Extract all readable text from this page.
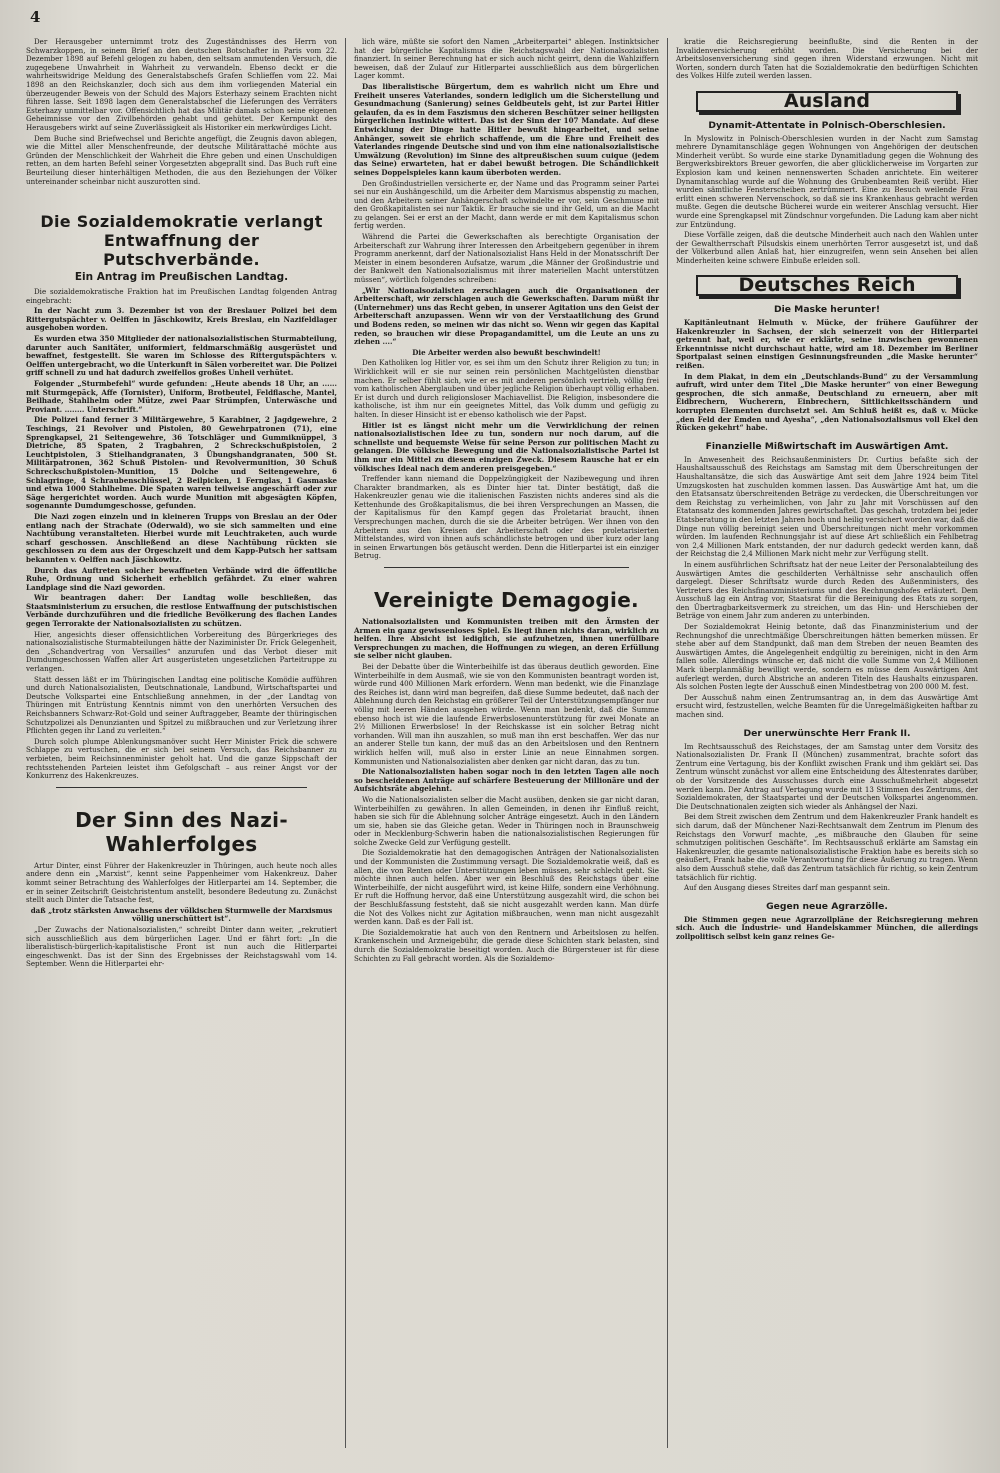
4

Der Herausgeber unternimmt trotz des Zugeständnisses des Herrn von Schwarzkoppen, in seinem Brief an den deutschen Botschafter in Paris vom 22. Dezember 1898 auf Befehl gelogen zu haben, den seltsam anmutenden Versuch, die zugegebene Unwahrheit in Wahrheit zu verwandeln. Ebenso deckt er die wahrheitswidrige Meldung des Generalstabschefs Grafen Schlieffen vom 22. Mai 1898 an den Reichskanzler, doch sich aus dem ihm vorliegenden Material ein überzeugender Beweis von der Schuld des Majors Esterhazy seinem Erachten nicht führen lasse. Seit 1898 lagen dem Generalstabschef die Lieferungen des Verräters Esterhazy unmittelbar vor. Offensichtlich hat das Militär damals schon seine eigenen Geheimnisse vor den Zivilbehörden gehabt und gehütet. Der Kernpunkt des Herausgebers wirkt auf seine Zuverlässigkeit als Historiker ein merkwürdiges Licht.

Dem Buche sind Briefwechsel und Berichte angefügt, die Zeugnis davon ablegen, wie die Mittel aller Menschenfreunde, der deutsche Militärattaché möchte aus Gründen der Menschlichkeit der Wahrheit die Ehre geben und einen Unschuldigen retten, an dem harten Befehl seiner Vorgesetzten abgeprallt sind. Das Buch ruft eine Beurteilung dieser hinterhältigen Methoden, die aus den Beziehungen der Völker untereinander scheinbar nicht auszurotten sind.

Die Sozialdemokratie verlangt Entwaffnung der Putschverbände.
Ein Antrag im Preußischen Landtag.

Die sozialdemokratische Fraktion hat im Preußischen Landtag folgenden Antrag eingebracht:

In der Nacht zum 3. Dezember ist von der Breslauer Polizei bei dem Rittergutspächter v. Oelffen in Jäschkowitz, Kreis Breslau, ein Nazifeldlager ausgehoben worden.

Es wurden etwa 350 Mitglieder der nationalsozialistischen Sturmabteilung, darunter auch Sanitäter, uniformiert, feldmarschmäßig ausgerüstet und bewaffnet, festgestellt. Sie waren im Schlosse des Rittergutspächters v. Oelffen untergebracht, wo die Unterkunft in Sälen vorbereitet war. Die Polizei griff schnell zu und hat dadurch zweifellos großes Unheil verhütet.

Folgender „Sturmbefehl“ wurde gefunden: „Heute abends 18 Uhr, an ...... mit Sturmgepäck, Affe (Tornister), Uniform, Brotbeutel, Feldflasche, Mantel, Beilhade, Stahlhelm oder Mütze, zwei Paar Strümpfen, Unterwäsche und Proviant. ........ Unterschrift.“

Die Polizei fand ferner 3 Militärgewehre, 5 Karabiner, 2 Jagdgewehre, 2 Teschings, 21 Revolver und Pistolen, 80 Gewehrpatronen (71), eine Sprengkapsel, 21 Seitengewehre, 36 Totschläger und Gummiknüppel, 3 Dietriche, 85 Spaten, 2 Tragbahren, 2 Schreckschußpistolen, 2 Leuchtpistolen, 3 Stielhandgranaten, 3 Übungshandgranaten, 500 St. Militärpatronen, 362 Schuß Pistolen- und Revolvermunition, 30 Schuß Schreckschußpistolen-Munition, 15 Dolche und Seitengewehre, 6 Schlagringe, 4 Schraubenschlüssel, 2 Beilpicken, 1 Fernglas, 1 Gasmaske und etwa 1000 Stahlhelme. Die Spaten waren teilweise angeschärft oder zur Säge hergerichtet worden. Auch wurde Munition mit abgesägten Köpfen, sogenannte Dumdumgeschosse, gefunden.

Die Nazi zogen einzeln und in kleineren Trupps von Breslau an der Oder entlang nach der Strachate (Oderwald), wo sie sich sammelten und eine Nachtübung veranstalteten. Hierbei wurde mit Leuchtraketen, auch wurde scharf geschossen. Anschließend an diese Nachtübung rückten sie geschlossen zu dem aus der Orgeschzeit und dem Kapp-Putsch her sattsam bekannten v. Oelffen nach Jäschkowitz.

Durch das Auftreten solcher bewaffneten Verbände wird die öffentliche Ruhe, Ordnung und Sicherheit erheblich gefährdet. Zu einer wahren Landplage sind die Nazi geworden.

Wir beantragen daher: Der Landtag wolle beschließen, das Staatsministerium zu ersuchen, die restlose Entwaffnung der putschistischen Verbände durchzuführen und die friedliche Bevölkerung des flachen Landes gegen Terrorakte der Nationalsozialisten zu schützen.

Hier, angesichts dieser offensichtlichen Vorbereitung des Bürgerkrieges des nationalsozialistische Sturmabteilungen hätte der Naziminister Dr. Frick Gelegenheit, den „Schandvertrag von Versailles“ anzurufen und das Verbot dieser mit Dumdumgeschossen Waffen aller Art ausgerüsteten ungesetzlichen Parteitruppe zu verlangen.

Statt dessen läßt er im Thüringischen Landtag eine politische Komödie aufführen und durch Nationalsozialisten, Deutschnationale, Landbund, Wirtschaftspartei und Deutsche Volkspartei eine Entschließung annehmen, in der „der Landtag von Thüringen mit Entrüstung Kenntnis nimmt von den unerhörten Versuchen des Reichsbanners Schwarz-Rot-Gold und seiner Auftraggeber, Beamte der thüringischen Schutzpolizei als Denunzianten und Spitzel zu mißbrauchen und zur Verletzung ihrer Pflichten gegen ihr Land zu verleiten.“

Durch solch plumpe Ablenkungsmanöver sucht Herr Minister Frick die schwere Schlappe zu vertuschen, die er sich bei seinem Versuch, das Reichsbanner zu verbieten, beim Reichsinnenminister geholt hat. Und die ganze Sippschaft der rechtsstehenden Parteien leistet ihm Gefolgschaft – aus reiner Angst vor der Konkurrenz des Hakenkreuzes.

Der Sinn des Nazi-Wahlerfolges

Artur Dinter, einst Führer der Hakenkreuzler in Thüringen, auch heute noch alles andere denn ein „Marxist“, kennt seine Pappenheimer vom Hakenkreuz. Daher kommt seiner Betrachtung des Wahlerfolges der Hitlerpartei am 14. September, die er in seiner Zeitschrift Geistchristentum anstellt, besondere Bedeutung zu. Zunächst stellt auch Dinter die Tatsache fest,

daß „trotz stärksten Anwachsens der völkischen Sturmwelle der Marxismus völlig unerschüttert ist“.

„Der Zuwachs der Nationalsozialisten,“ schreibt Dinter dann weiter, „rekrutiert sich ausschließlich aus dem bürgerlichen Lager. Und er fährt fort: „In die liberalistisch-bürgerlich-kapitalistische Front ist nun auch die Hitlerpartei eingeschwenkt. Das ist der Sinn des Ergebnisses der Reichstagswahl vom 14. September. Wenn die Hitlerpartei ehr-

lich wäre, müßte sie sofort den Namen „Arbeiterpartei“ ablegen. Instinktsicher hat der bürgerliche Kapitalismus die Reichstagswahl der Nationalsozialisten finanziert. In seiner Berechnung hat er sich auch nicht geirrt, denn die Wahlziffern beweisen, daß der Zulauf zur Hitlerpartei ausschließlich aus dem bürgerlichen Lager kommt.

Das liberalistische Bürgertum, dem es wahrlich nicht um Ehre und Freiheit unseres Vaterlandes, sondern lediglich um die Sicherstellung und Gesundmachung (Sanierung) seines Geldbeutels geht, ist zur Partei Hitler gelaufen, da es in dem Faszismus den sicheren Beschützer seiner heiligsten bürgerlichen Instinkte wittert. Das ist der Sinn der 107 Mandate. Auf diese Entwicklung der Dinge hatte Hitler bewußt hingearbeitet, und seine Anhänger, soweit sie ehrlich schaffende, um die Ehre und Freiheit des Vaterlandes ringende Deutsche sind und von ihm eine nationalsozialistische Umwälzung (Revolution) im Sinne des altpreußischen suum cuique (jedem das Seine) erwarteten, hat er dabei bewußt betrogen. Die Schändlichkeit seines Doppelspieles kann kaum überboten werden.

Den Großindustriellen versicherte er, der Name und das Programm seiner Partei sei nur ein Aushängeschild, um die Arbeiter dem Marxismus abspenstig zu machen, und den Arbeitern seiner Anhängerschaft schwindelte er vor, sein Geschmuse mit den Großkapitalisten sei nur Taktik. Er brauche sie und ihr Geld, um an die Macht zu gelangen. Sei er erst an der Macht, dann werde er mit dem Kapitalismus schon fertig werden.

Während die Partei die Gewerkschaften als berechtigte Organisation der Arbeiterschaft zur Wahrung ihrer Interessen den Arbeitgebern gegenüber in ihrem Programm anerkennt, darf der Nationalsozialist Hans Held in der Monatsschrift Der Meister in einem besonderen Aufsatze, warum „die Männer der Großindustrie und der Bankwelt den Nationalsozialismus mit ihrer materiellen Macht unterstützen müssen“, wörtlich folgendes schreiben:

„Wir Nationalsozialisten zerschlagen auch die Organisationen der Arbeiterschaft, wir zerschlagen auch die Gewerkschaften. Darum müßt ihr (Unternehmer) uns das Recht geben, in unserer Agitation uns den Geist der Arbeiterschaft anzupassen. Wenn wir von der Verstaatlichung des Grund und Bodens reden, so meinen wir das nicht so. Wenn wir gegen das Kapital reden, so brauchen wir diese Propagandamittel, um die Leute an uns zu ziehen ....“

Die Arbeiter werden also bewußt beschwindelt!

Den Katholiken log Hitler vor, es sei ihm um den Schutz ihrer Religion zu tun; in Wirklichkeit will er sie nur seinen rein persönlichen Machtgelüsten dienstbar machen. Er selber fühlt sich, wie er es mit anderen persönlich vertrieb, völlig frei vom katholischen Aberglauben und über jegliche Religion überhaupt völlig erhaben. Er ist durch und durch religionsloser Machiavellist. Die Religion, insbesondere die katholische, ist ihm nur ein geeignetes Mittel, das Volk dumm und gefügig zu halten. In dieser Hinsicht ist er ebenso katholisch wie der Papst.

Hitler ist es längst nicht mehr um die Verwirklichung der reinen nationalsozialistischen Idee zu tun, sondern nur noch darum, auf die schnellste und bequemste Weise für seine Person zur politischen Macht zu gelangen. Die völkische Bewegung und die Nationalsozialistische Partei ist ihm nur ein Mittel zu diesem einzigen Zweck. Diesem Rausche hat er ein völkisches Ideal nach dem anderen preisgegeben.“

Treffender kann niemand die Doppelzüngigkeit der Nazibewegung und ihren Charakter brandmarken, als es Dinter hier tat. Dinter bestätigt, daß die Hakenkreuzler genau wie die italienischen Faszisten nichts anderes sind als die Kettenhunde des Großkapitalismus, die bei ihren Versprechungen an Massen, die der Kapitalismus für den Kampf gegen das Proletariat braucht, ihnen Versprechungen machen, durch die sie die Arbeiter betrügen. Wer ihnen von den Arbeitern aus den Kreisen der Arbeiterschaft oder des proletarisierten Mittelstandes, wird von ihnen aufs schändlichste betrogen und über kurz oder lang in seinen Erwartungen bös getäuscht werden. Denn die Hitlerpartei ist ein einziger Betrug.

Vereinigte Demagogie.

Nationalsozialisten und Kommunisten treiben mit den Ärmsten der Armen ein ganz gewissenloses Spiel. Es liegt ihnen nichts daran, wirklich zu helfen. Ihre Absicht ist lediglich, sie aufzuhetzen, ihnen unerfüllbare Versprechungen zu machen, die Hoffnungen zu wiegen, an deren Erfüllung sie selber nicht glauben.

Bei der Debatte über die Winterbeihilfe ist das überaus deutlich geworden. Eine Winterbeihilfe in dem Ausmaß, wie sie von den Kommunisten beantragt worden ist, würde rund 400 Millionen Mark erfordern. Wenn man bedenkt, wie die Finanzlage des Reiches ist, dann wird man begreifen, daß diese Summe bedeutet, daß nach der Ablehnung durch den Reichstag ein größerer Teil der Unterstützungsempfänger nur völlig mit leeren Händen ausgehen würde. Wenn man bedenkt, daß die Summe ebenso hoch ist wie die laufende Erwerbslosenunterstützung für zwei Monate an 2½ Millionen Erwerbslose! In der Reichskasse ist ein solcher Betrag nicht vorhanden. Will man ihn auszahlen, so muß man ihn erst beschaffen. Wer das nur an anderer Stelle tun kann, der muß das an den Arbeitslosen und den Rentnern wirklich helfen will, muß also in erster Linie an neue Einnahmen sorgen. Kommunisten und Nationalsozialisten aber denken gar nicht daran, das zu tun.

Die Nationalsozialisten haben sogar noch in den letzten Tagen alle noch so bescheidenen Anträge auf schärfere Besteuerung der Millionäre und der Aufsichtsräte abgelehnt.

Wo die Nationalsozialisten selber die Macht ausüben, denken sie gar nicht daran, Winterbeihilfen zu gewähren. In allen Gemeinden, in denen ihr Einfluß reicht, haben sie sich für die Ablehnung solcher Anträge eingesetzt. Auch in den Ländern um sie, haben sie das Gleiche getan. Weder in Thüringen noch in Braunschweig oder in Mecklenburg-Schwerin haben die nationalsozialistischen Regierungen für solche Zwecke Geld zur Verfügung gestellt.

Die Sozialdemokratie hat den demagogischen Anträgen der Nationalsozialisten und der Kommunisten die Zustimmung versagt. Die Sozialdemokratie weiß, daß es allen, die von Renten oder Unterstützungen leben müssen, sehr schlecht geht. Sie möchte ihnen auch helfen. Aber wer ein Beschluß des Reichstags über eine Winterbeihilfe, der nicht ausgeführt wird, ist keine Hilfe, sondern eine Verhöhnung. Er ruft die Hoffnung hervor, daß eine Unterstützung ausgezahlt wird, die schon bei der Beschlußfassung feststeht, daß sie nicht ausgezahlt werden kann. Man dürfe die Not des Volkes nicht zur Agitation mißbrauchen, wenn man nicht ausgezahlt werden kann. Daß es der Fall ist.

Die Sozialdemokratie hat auch von den Rentnern und Arbeitslosen zu helfen. Krankenschein und Arzneigebühr, die gerade diese Schichten stark belasten, sind durch die Sozialdemokratie beseitigt worden. Auch die Bürgersteuer ist für diese Schichten zu Fall gebracht worden. Als die Sozialdemo-

kratie die Reichsregierung beeinflußte, sind die Renten in der Invalidenversicherung erhöht worden. Die Versicherung bei der Arbeitslosenversicherung sind gegen ihren Widerstand erzwungen. Nicht mit Worten, sondern durch Taten hat die Sozialdemokratie den bedürftigen Schichten des Volkes Hilfe zuteil werden lassen.

Ausland
Dynamit-Attentate in Polnisch-Oberschlesien.

In Myslowitz in Polnisch-Oberschlesien wurden in der Nacht zum Samstag mehrere Dynamitanschläge gegen Wohnungen von Angehörigen der deutschen Minderheit verübt. So wurde eine starke Dynamitladung gegen die Wohnung des Bergwerksbirektors Breuer geworfen, die aber glücklicherweise im Vorgarten zur Explosion kam und keinen nennenswerten Schaden anrichtete. Ein weiterer Dynamitanschlag wurde auf die Wohnung des Grubenbeamten Reiß verübt. Hier wurden sämtliche Fensterscheiben zertrümmert. Eine zu Besuch weilende Frau erlitt einen schweren Nervenschock, so daß sie ins Krankenhaus gebracht werden mußte. Gegen die deutsche Bücherei wurde ein weiterer Anschlag versucht. Hier wurde eine Sprengkapsel mit Zündschnur vorgefunden. Die Ladung kam aber nicht zur Entzündung.

Diese Vorfälle zeigen, daß die deutsche Minderheit auch nach den Wahlen unter der Gewaltherrschaft Pilsudskis einem unerhörten Terror ausgesetzt ist, und daß der Völkerbund allen Anlaß hat, hier einzugreifen, wenn sein Ansehen bei allen Minderheiten keine schwere Einbuße erleiden soll.

Deutsches Reich
Die Maske herunter!

Kapitänleutnant Helmuth v. Mücke, der frühere Gauführer der Hakenkreuzler in Sachsen, der sich seinerzeit von der Hitlerpartei getrennt hat, weil er, wie er erklärte, seine inzwischen gewonnenen Erkenntnisse nicht durchschaut hatte, wird am 18. Dezember im Berliner Sportpalast seinen einstigen Gesinnungsfreunden „die Maske herunter“ reißen.

In dem Plakat, in dem ein „Deutschlands-Bund“ zu der Versammlung aufruft, wird unter dem Titel „Die Maske herunter“ von einer Bewegung gesprochen, die sich anmaße, Deutschland zu erneuern, aber mit Eidbrechern, Wucherern, Einbrechern, Sittlichkeitsschändern und korrupten Elementen durchsetzt sei. Am Schluß heißt es, daß v. Mücke „den Feld der Emden und Ayesha“, „den Nationalsozialismus voll Ekel den Rücken gekehrt“ habe.

Finanzielle Mißwirtschaft im Auswärtigen Amt.

In Anwesenheit des Reichsaußenministers Dr. Curtius befaßte sich der Haushaltsausschuß des Reichstags am Samstag mit dem Überschreitungen der Haushaltansätze, die sich das Auswärtige Amt seit dem Jahre 1924 beim Titel Umzugskosten hat zuschulden kommen lassen. Das Auswärtige Amt hat, um die den Etatsansatz überschreitenden Beträge zu verdecken, die Überschreitungen vor dem Reichstag zu verheimlichen, von Jahr zu Jahr mit Vorschüssen auf den Etatansatz des kommenden Jahres gewirtschaftet. Das geschah, trotzdem bei jeder Etatsberatung in den letzten Jahren hoch und heilig versichert worden war, daß die Dinge nun völlig bereinigt seien und Überschreitungen nicht mehr vorkommen würden. Im laufenden Rechnungsjahr ist auf diese Art schließlich ein Fehlbetrag von 2,4 Millionen Mark entstanden, der nur dadurch gedeckt werden kann, daß der Reichstag die 2,4 Millionen Mark nicht mehr zur Verfügung stellt.

In einem ausführlichen Schriftsatz hat der neue Leiter der Personalabteilung des Auswärtigen Amtes die geschilderten Verhältnisse sehr anschaulich offen dargelegt. Dieser Schriftsatz wurde durch Reden des Außenministers, des Vertreters des Reichsfinanzministeriums und des Rechnungshofes erläutert. Dem Ausschuß lag ein Antrag vor, Staatsrat für die Bereinigung des Etats zu sorgen, den Übertragbarkeitsvermerk zu streichen, um das Hin- und Herschieben der Beträge von einem Jahr zum anderen zu unterbinden.

Der Sozialdemokrat Heinig betonte, daß das Finanzministerium und der Rechnungshof die unrechtmäßige Überschreitungen hätten bemerken müssen. Er stehe aber auf dem Standpunkt, daß man dem Streben der neuen Beamten des Auswärtigen Amtes, die Angelegenheit endgültig zu bereinigen, nicht in den Arm fallen solle. Allerdings wünsche er, daß nicht die volle Summe von 2,4 Millionen Mark überplanmäßig bewilligt werde, sondern es müsse dem Auswärtigen Amt auferlegt werden, durch Abstriche an anderen Titeln des Haushalts einzusparen. Als solchen Posten legte der Ausschuß einen Mindestbetrag von 200 000 M. fest.

Der Ausschuß nahm einen Zentrumsantrag an, in dem das Auswärtige Amt ersucht wird, festzustellen, welche Beamten für die Unregelmäßigkeiten haftbar zu machen sind.

Der unerwünschte Herr Frank II.

Im Rechtsausschuß des Reichstages, der am Samstag unter dem Vorsitz des Nationalsozialisten Dr. Frank II (München) zusammentrat, brachte sofort das Zentrum eine Vertagung, bis der Konflikt zwischen Frank und ihm geklärt sei. Das Zentrum wünscht zunächst vor allem eine Entscheidung des Ältestenrates darüber, ob der Vorsitzende des Ausschusses durch eine Ausschußmehrheit abgesetzt werden kann. Der Antrag auf Vertagung wurde mit 13 Stimmen des Zentrums, der Sozialdemokraten, der Staatspartei und der Deutschen Volkspartei angenommen. Die Deutschnationalen zeigten sich wieder als Anhängsel der Nazi.

Bei dem Streit zwischen dem Zentrum und dem Hakenkreuzler Frank handelt es sich darum, daß der Münchener Nazi-Rechtsanwalt dem Zentrum im Plenum des Reichstags den Vorwurf machte, „es mißbrauche den Glauben für seine schmutzigen politischen Geschäfte“. Im Rechtsausschuß erklärte am Samstag ein Hakenkreuzler, die gesamte nationalsozialistische Fraktion habe es bereits sich so geäußert, Frank habe die volle Verantwortung für diese Äußerung zu tragen. Wenn also dem Ausschuß stehe, daß das Zentrum tatsächlich für richtig, so kein Zentrum tatsächlich für richtig.

Auf den Ausgang dieses Streites darf man gespannt sein.

Gegen neue Agrarzölle.

Die Stimmen gegen neue Agrarzollpläne der Reichsregierung mehren sich. Auch die Industrie- und Handelskammer München, die allerdings zollpolitisch selbst kein ganz reines Ge-
